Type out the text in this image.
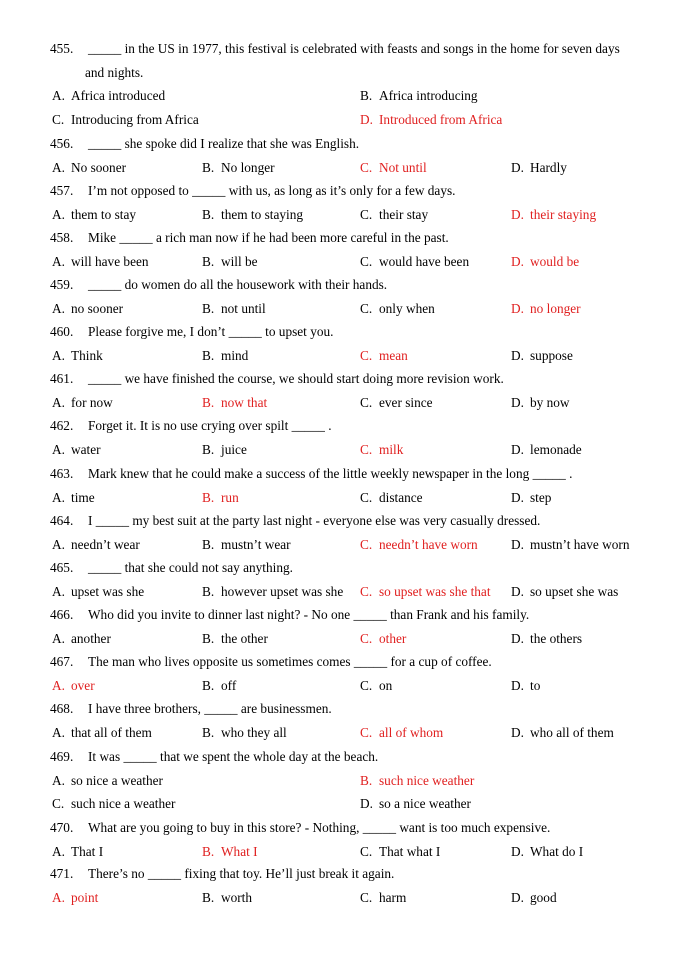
455. _____ in the US in 1977, this festival is celebrated with feasts and songs in the home for seven days
and nights.
A. Africa introduced	B. Africa introducing
C. Introducing from Africa	D. Introduced from Africa
456. _____ she spoke did I realize that she was English.
A. No sooner	B. No longer	C. Not until	D. Hardly
457. I’m not opposed to _____ with us, as long as it’s only for a few days.
A. them to stay	B. them to staying	C. their stay	D. their staying
458. Mike _____ a rich man now if he had been more careful in the past.
A. will have been	B. will be	C. would have been	D. would be
459. _____ do women do all the housework with their hands.
A. no sooner	B. not until	C. only when	D. no longer
460. Please forgive me, I don’t _____ to upset you.
A. Think	B. mind	C. mean	D. suppose
461. _____ we have finished the course, we should start doing more revision work.
A. for now	B. now that	C. ever since	D. by now
462. Forget it. It is no use crying over spilt _____ .
A. water	B. juice	C. milk	D. lemonade
463. Mark knew that he could make a success of the little weekly newspaper in the long _____ .
A. time	B. run	C. distance	D. step
464. I _____ my best suit at the party last night - everyone else was very casually dressed.
A. needn’t wear	B. mustn’t wear	C. needn’t have worn	D. mustn’t have worn
465. _____ that she could not say anything.
A. upset was she	B. however upset was she C. so upset was she that D. so upset she was
466. Who did you invite to dinner last night? - No one _____ than Frank and his family.
A. another	B. the other	C. other	D. the others
467. The man who lives opposite us sometimes comes _____ for a cup of coffee.
A. over	B. off	C. on	D. to
468. I have three brothers, _____ are businessmen.
A. that all of them	B. who they all	C. all of whom	D. who all of them
469. It was _____ that we spent the whole day at the beach.
A. so nice a weather	B. such nice weather
C. such nice a weather	D. so a nice weather
470. What are you going to buy in this store? - Nothing, _____ want is too much expensive.
A. That I	B. What I	C. That what I	D. What do I
471. There’s no _____ fixing that toy. He’ll just break it again.
A. point	B. worth	C. harm	D. good
